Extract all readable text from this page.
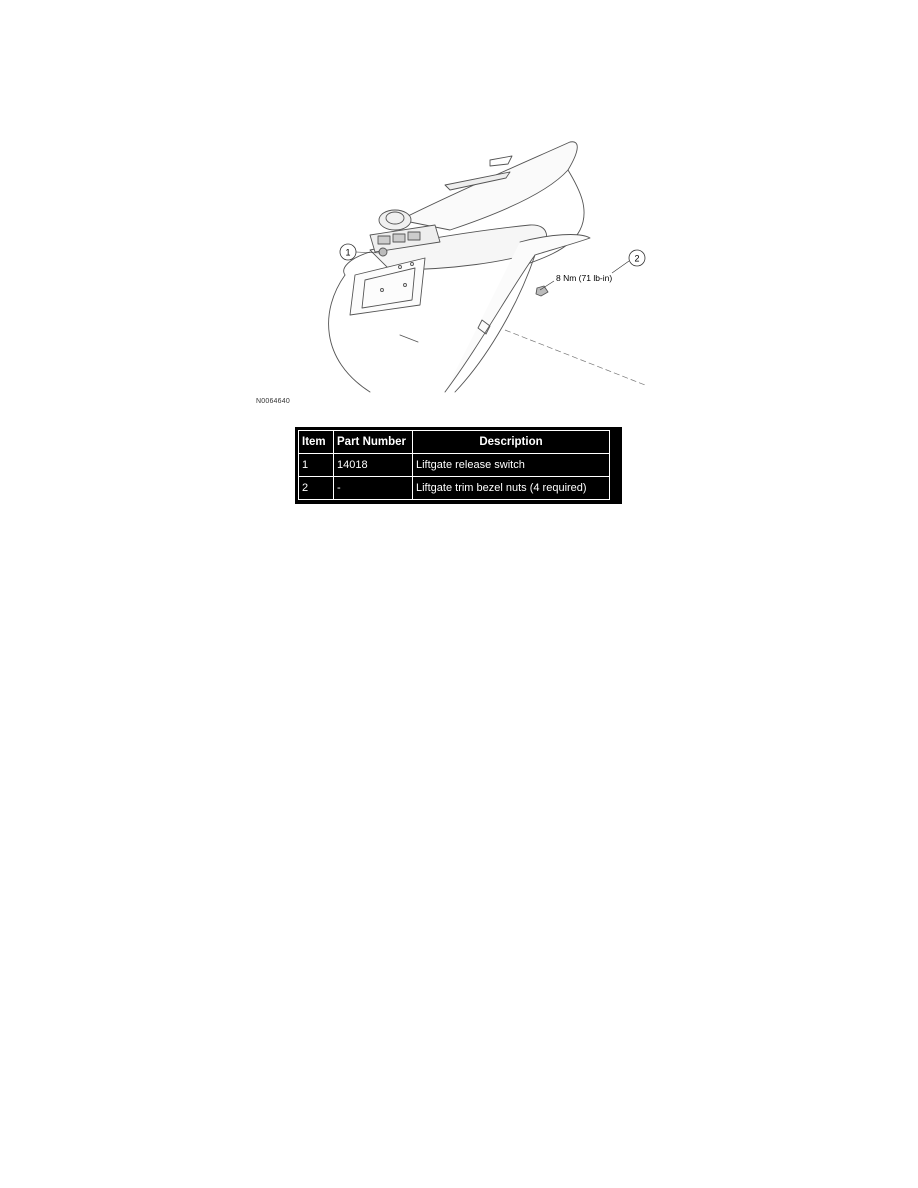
1
2
8 Nm (71 lb-in)
N0064640
Item	Part Number	Description
1	14018	Liftgate release switch
2	-	Liftgate trim bezel nuts (4 required)
